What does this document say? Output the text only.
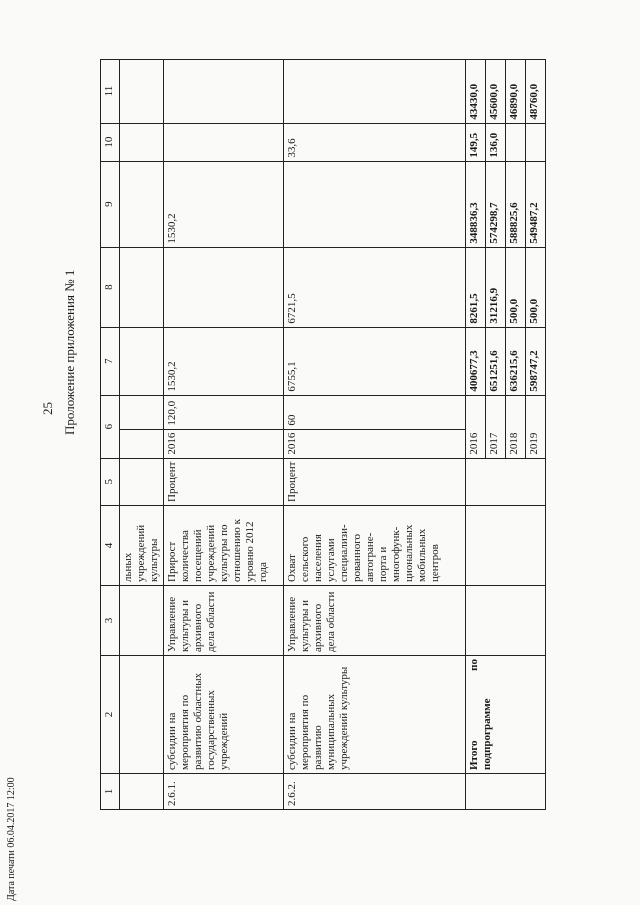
25 Проложение приложения № 1
Дата печати 06.04.2017 12:00	1	2	3	4	5	6		7	8	9	10	11
			льных учреждений культуры								
2.6.1.	субсидии на мероприятия по развитию областных государственных учреждений	Управление культуры и архивного дела области	Прирост количества посещений учреждений культуры по отношению к уровню 2012 года	Процент	2016	120,0	1530,2		1530,2		
2.6.2.	субсидии на мероприятия по развитию муниципальных учреждений культуры	Управление культуры и архивного дела области	Охват сельского населения услугами специализи-рованного автогранe-порта и многофунк-циональных мобильных центров	Процент	2016	60	6755,1	6721,5		33,6	
	Итого
по

подпрограмме				2016		400677,3	8261,5	348836,3	149,5	43430,0
					2017		651251,6	31216,9	574298,7	136,0	45600,0
					2018		636215,6	500,0	588825,6		46890,0
					2019		598747,2	500,0	549487,2		48760,0
